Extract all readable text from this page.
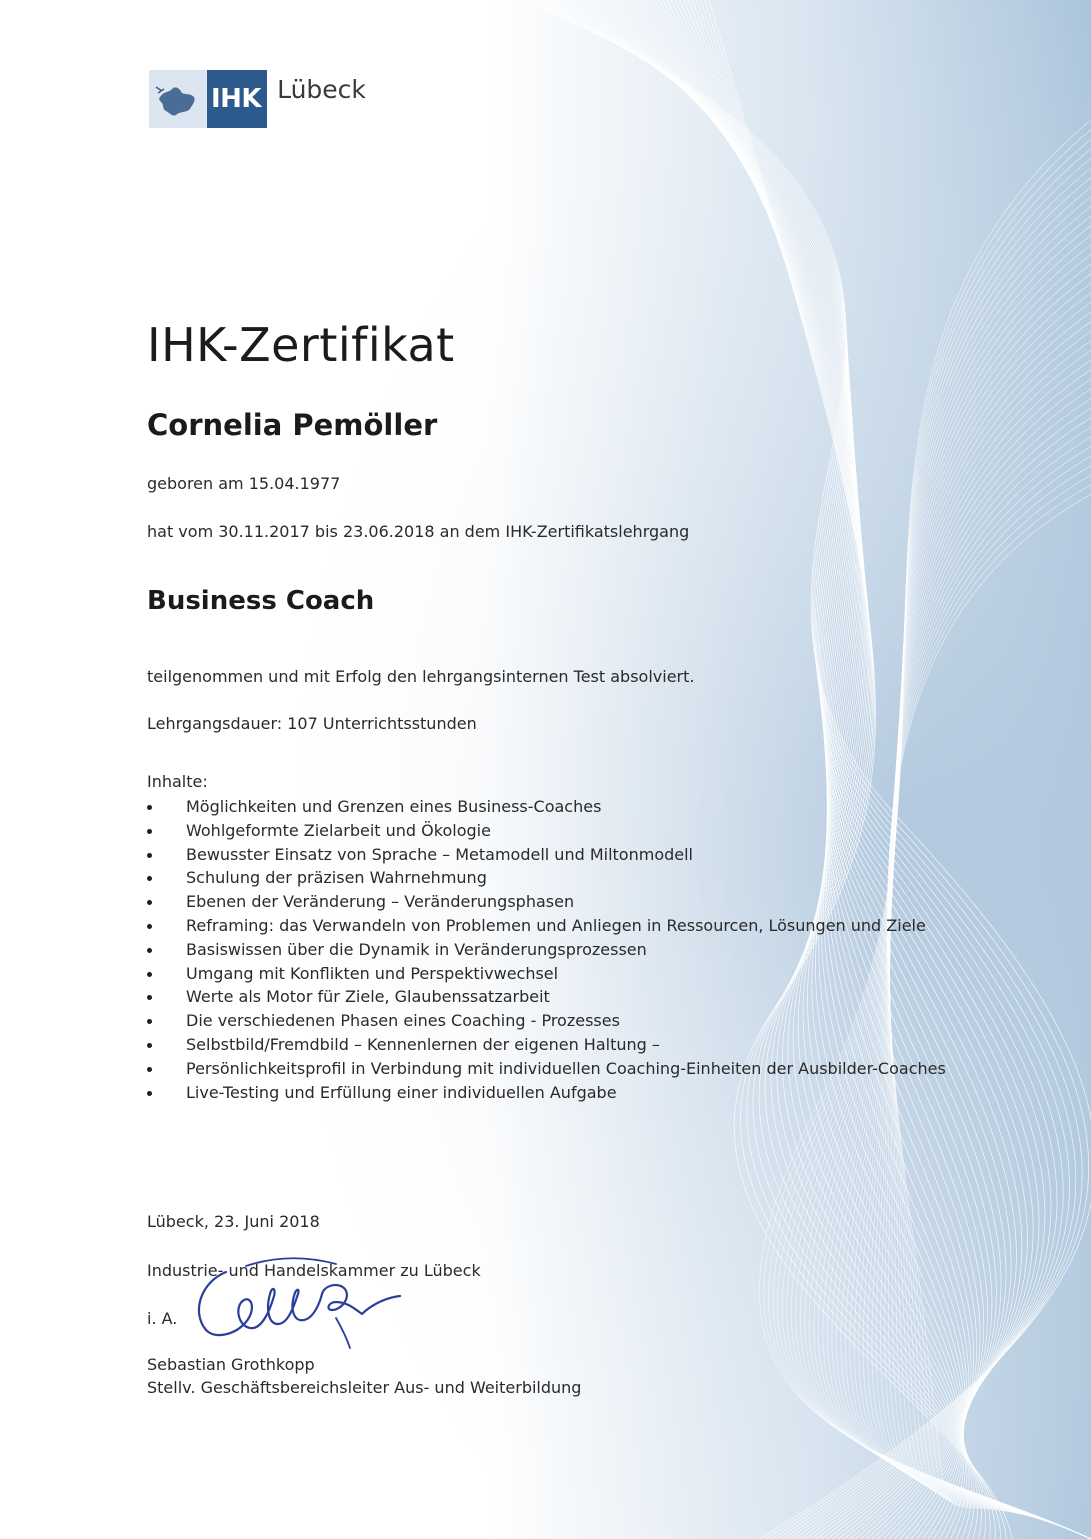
IHK Lübeck
IHK-Zertifikat
Cornelia Pemöller

geboren am 15.04.1977

hat vom 30.11.2017 bis 23.06.2018 an dem IHK-Zertifikatslehrgang

Business Coach

teilgenommen und mit Erfolg den lehrgangsinternen Test absolviert.

Lehrgangsdauer: 107 Unterrichtsstunden

Inhalte:

Möglichkeiten und Grenzen eines Business-Coaches
Wohlgeformte Zielarbeit und Ökologie
Bewusster Einsatz von Sprache – Metamodell und Miltonmodell
Schulung der präzisen Wahrnehmung
Ebenen der Veränderung – Veränderungsphasen
Reframing: das Verwandeln von Problemen und Anliegen in Ressourcen, Lösungen und Ziele
Basiswissen über die Dynamik in Veränderungsprozessen
Umgang mit Konflikten und Perspektivwechsel
Werte als Motor für Ziele, Glaubenssatzarbeit
Die verschiedenen Phasen eines Coaching - Prozesses
Selbstbild/Fremdbild – Kennenlernen der eigenen Haltung –
Persönlichkeitsprofil in Verbindung mit individuellen Coaching-Einheiten der Ausbilder-Coaches
Live-Testing und Erfüllung einer individuellen Aufgabe

Lübeck, 23. Juni 2018

Industrie- und Handelskammer zu Lübeck

i. A.

Sebastian Grothkopp

Stellv. Geschäftsbereichsleiter Aus- und Weiterbildung
